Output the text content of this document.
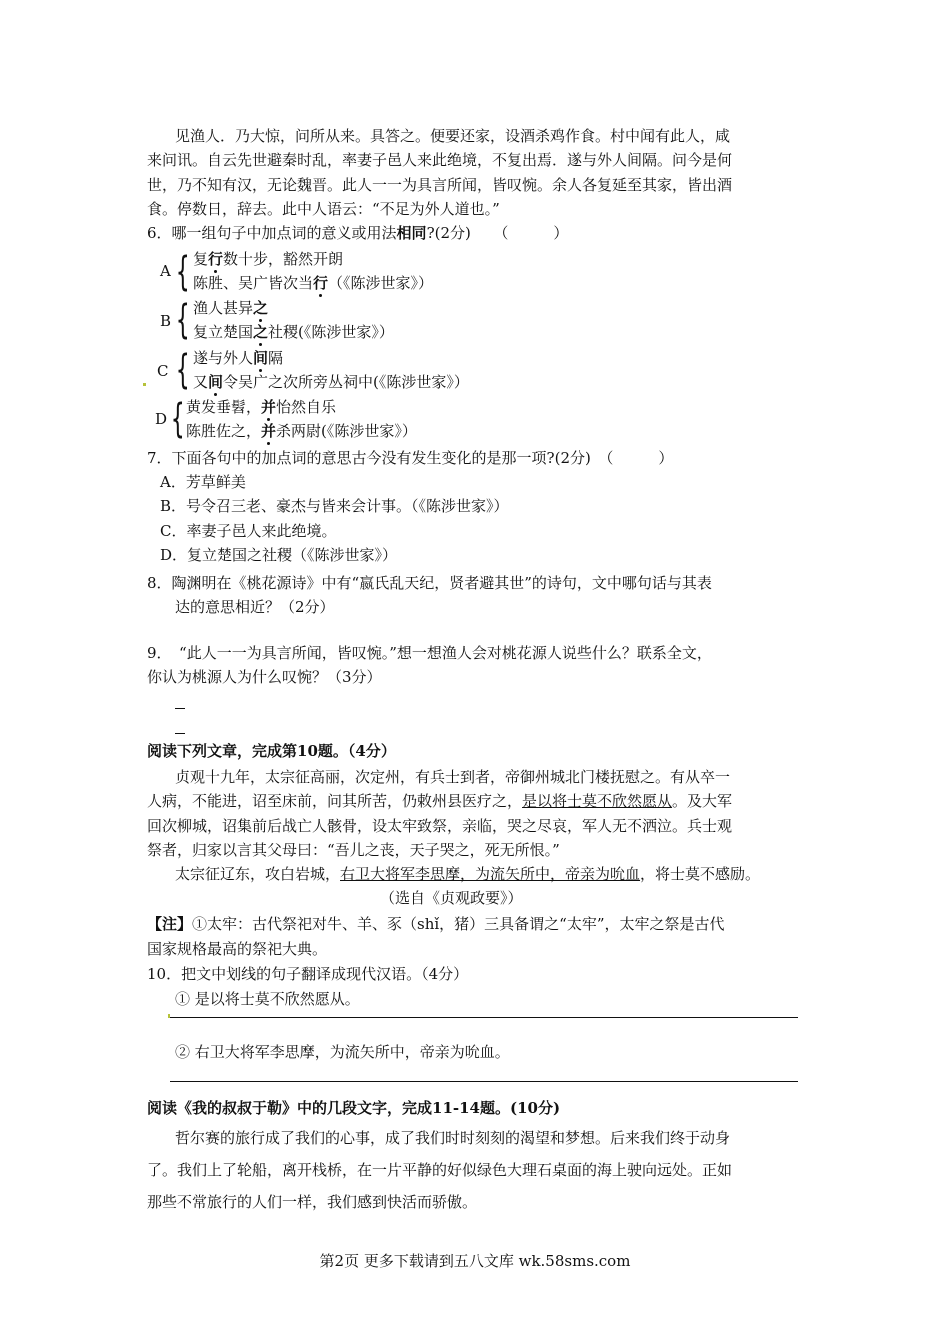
见渔人．乃大惊，问所从来。具答之。便要还家，设酒杀鸡作食。村中闻有此人，咸
来问讯。自云先世避秦时乱，率妻子邑人来此绝境，不复出焉．遂与外人间隔。问今是何
世，乃不知有汉，无论魏晋。此人一一为具言所闻，皆叹惋。余人各复延至其家，皆出酒
食。停数日，辞去。此中人语云：“不足为外人道也。”
6．哪一组句子中加点词的意义或用法相同?(2分)　　（　　　）
A { 复行数十步，豁然开朗
陈胜、吴广皆次当行（《陈涉世家》）
B { 渔人甚异之
复立楚国之社稷(《陈涉世家》）
C { 遂与外人间隔
又间令吴广之次所旁丛祠中(《陈涉世家》）
D { 黄发垂髫，并怡然自乐
陈胜佐之，并杀两尉(《陈涉世家》）
7．下面各句中的加点词的意思古今没有发生变化的是那一项?(2分)　（　　　）
A．芳草鲜美
B．号令召三老、豪杰与皆来会计事。（《陈涉世家》）
C．率妻子邑人来此绝境。
D．复立楚国之社稷（《陈涉世家》）
8．陶渊明在《桃花源诗》中有“嬴氏乱天纪，贤者避其世”的诗句，文中哪句话与其表
达的意思相近？（2分）
9．　“此人一一为具言所闻，皆叹惋。”想一想渔人会对桃花源人说些什么？联系全文，
你认为桃源人为什么叹惋？（3分）
阅读下列文章，完成第10题。（4分）
贞观十九年，太宗征高丽，次定州，有兵士到者，帝御州城北门楼抚慰之。有从卒一
人病，不能进，诏至床前，问其所苦，仍敕州县医疗之，是以将士莫不欣然愿从。及大军
回次柳城，诏集前后战亡人骸骨，设太牢致祭，亲临，哭之尽哀，军人无不洒泣。兵士观
祭者，归家以言其父母曰：“吾儿之丧，天子哭之，死无所恨。”
太宗征辽东，攻白岩城，右卫大将军李思摩，为流矢所中，帝亲为吮血，将士莫不感励。
（选自《贞观政要》）
【注】①太牢：古代祭祀对牛、羊、豕（shǐ，猪）三具备谓之“太牢”，太牢之祭是古代
国家规格最高的祭祀大典。
10．把文中划线的句子翻译成现代汉语。（4分）
① 是以将士莫不欣然愿从。
② 右卫大将军李思摩，为流矢所中，帝亲为吮血。
阅读《我的叔叔于勒》中的几段文字，完成11-14题。(10分)
哲尔赛的旅行成了我们的心事，成了我们时时刻刻的渴望和梦想。后来我们终于动身
了。我们上了轮船，离开栈桥，在一片平静的好似绿色大理石桌面的海上驶向远处。正如
那些不常旅行的人们一样，我们感到快活而骄傲。
第2页 更多下载请到五八文库 wk.58sms.com
